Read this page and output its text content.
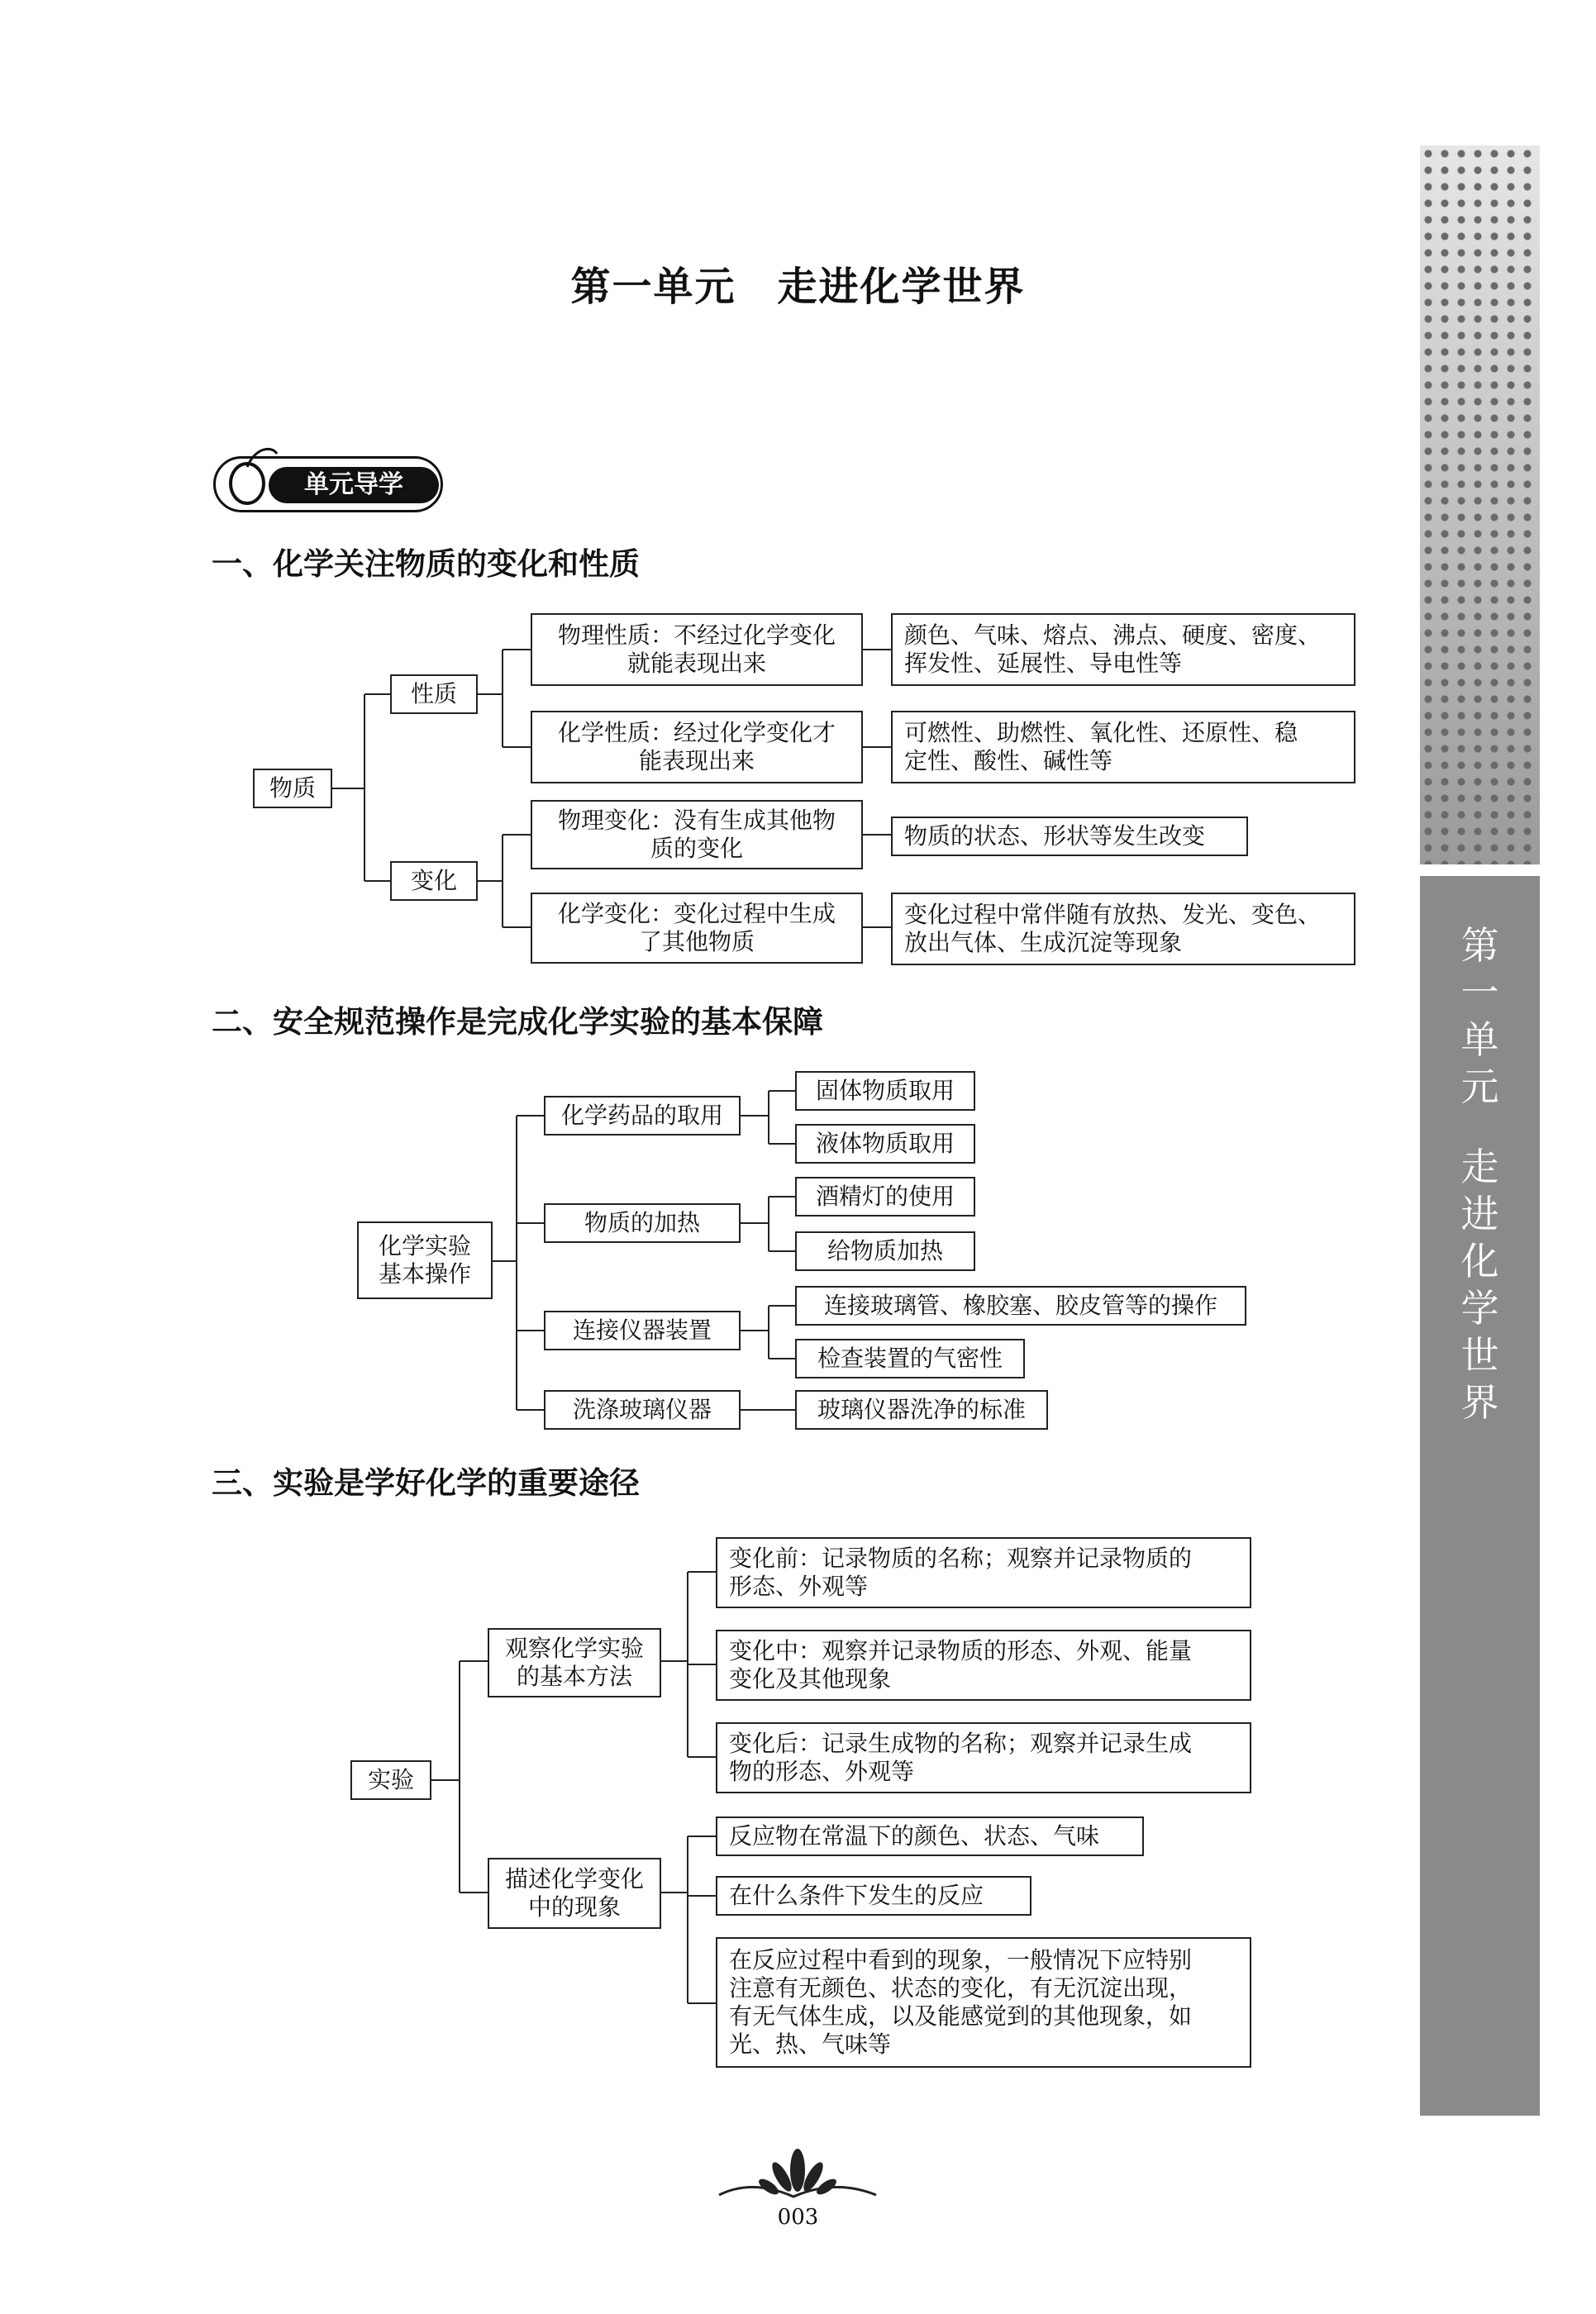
第一单元　走进化学世界
单元导学
第
一
单
元
走
进
化
学
世
界
一、化学关注物质的变化和性质
二、安全规范操作是完成化学实验的基本保障
三、实验是学好化学的重要途径
物质
性质
变化
物理性质：不经过化学变化
就能表现出来
颜色、气味、熔点、沸点、硬度、密度、
挥发性、延展性、导电性等
化学性质：经过化学变化才
能表现出来
可燃性、助燃性、氧化性、还原性、稳
定性、酸性、碱性等
物理变化：没有生成其他物
质的变化	物质的状态、形状等发生改变
化学变化：变化过程中生成
了其他物质
变化过程中常伴随有放热、发光、变色、
放出气体、生成沉淀等现象
化学实验
基本操作
化学药品的取用
物质的加热
连接仪器装置
洗涤玻璃仪器
固体物质取用
液体物质取用
酒精灯的使用
给物质加热
连接玻璃管、橡胶塞、胶皮管等的操作
检查装置的气密性
玻璃仪器洗净的标准
实验
观察化学实验
的基本方法
描述化学变化
中的现象
变化前：记录物质的名称；观察并记录物质的
形态、外观等
变化中：观察并记录物质的形态、外观、能量
变化及其他现象
变化后：记录生成物的名称；观察并记录生成
物的形态、外观等
反应物在常温下的颜色、状态、气味
在什么条件下发生的反应
在反应过程中看到的现象，一般情况下应特别
注意有无颜色、状态的变化，有无沉淀出现，
有无气体生成，以及能感觉到的其他现象，如
光、热、气味等
003
